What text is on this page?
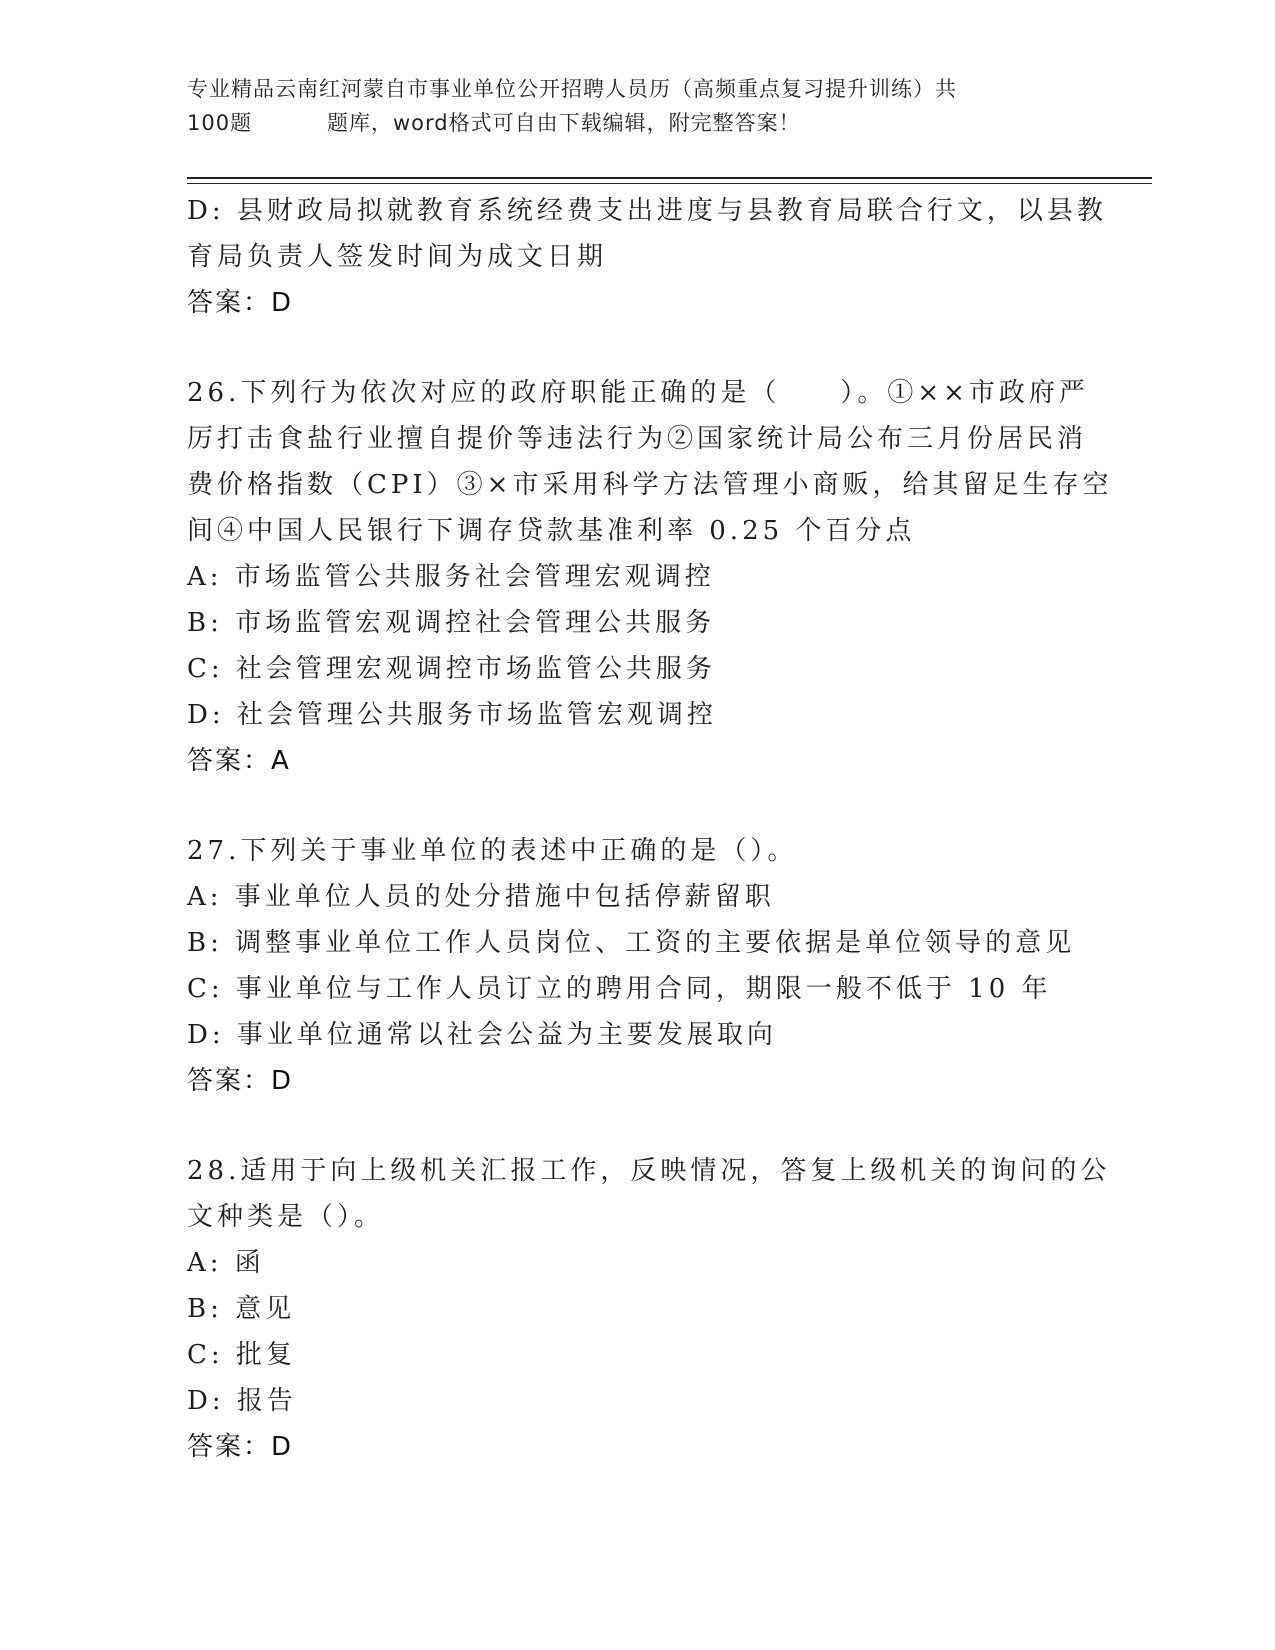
专业精品云南红河蒙自市事业单位公开招聘人员历（高频重点复习提升训练）共
100题	题库，word格式可自由下载编辑，附完整答案！
D: 县财政局拟就教育系统经费支出进度与县教育局联合行文，以县教
育局负责人签发时间为成文日期
答案：D
26.下列行为依次对应的政府职能正确的是（　　）。①××市政府严
厉打击食盐行业擅自提价等违法行为②国家统计局公布三月份居民消
费价格指数（CPI）③×市采用科学方法管理小商贩，给其留足生存空
间④中国人民银行下调存贷款基准利率 0.25 个百分点
A: 市场监管公共服务社会管理宏观调控
B: 市场监管宏观调控社会管理公共服务
C: 社会管理宏观调控市场监管公共服务
D: 社会管理公共服务市场监管宏观调控
答案：A
27.下列关于事业单位的表述中正确的是（）。
A: 事业单位人员的处分措施中包括停薪留职
B: 调整事业单位工作人员岗位、工资的主要依据是单位领导的意见
C: 事业单位与工作人员订立的聘用合同，期限一般不低于 10 年
D: 事业单位通常以社会公益为主要发展取向
答案：D
28.适用于向上级机关汇报工作，反映情况，答复上级机关的询问的公
文种类是（）。
A: 函
B: 意见
C: 批复
D: 报告
答案：D
